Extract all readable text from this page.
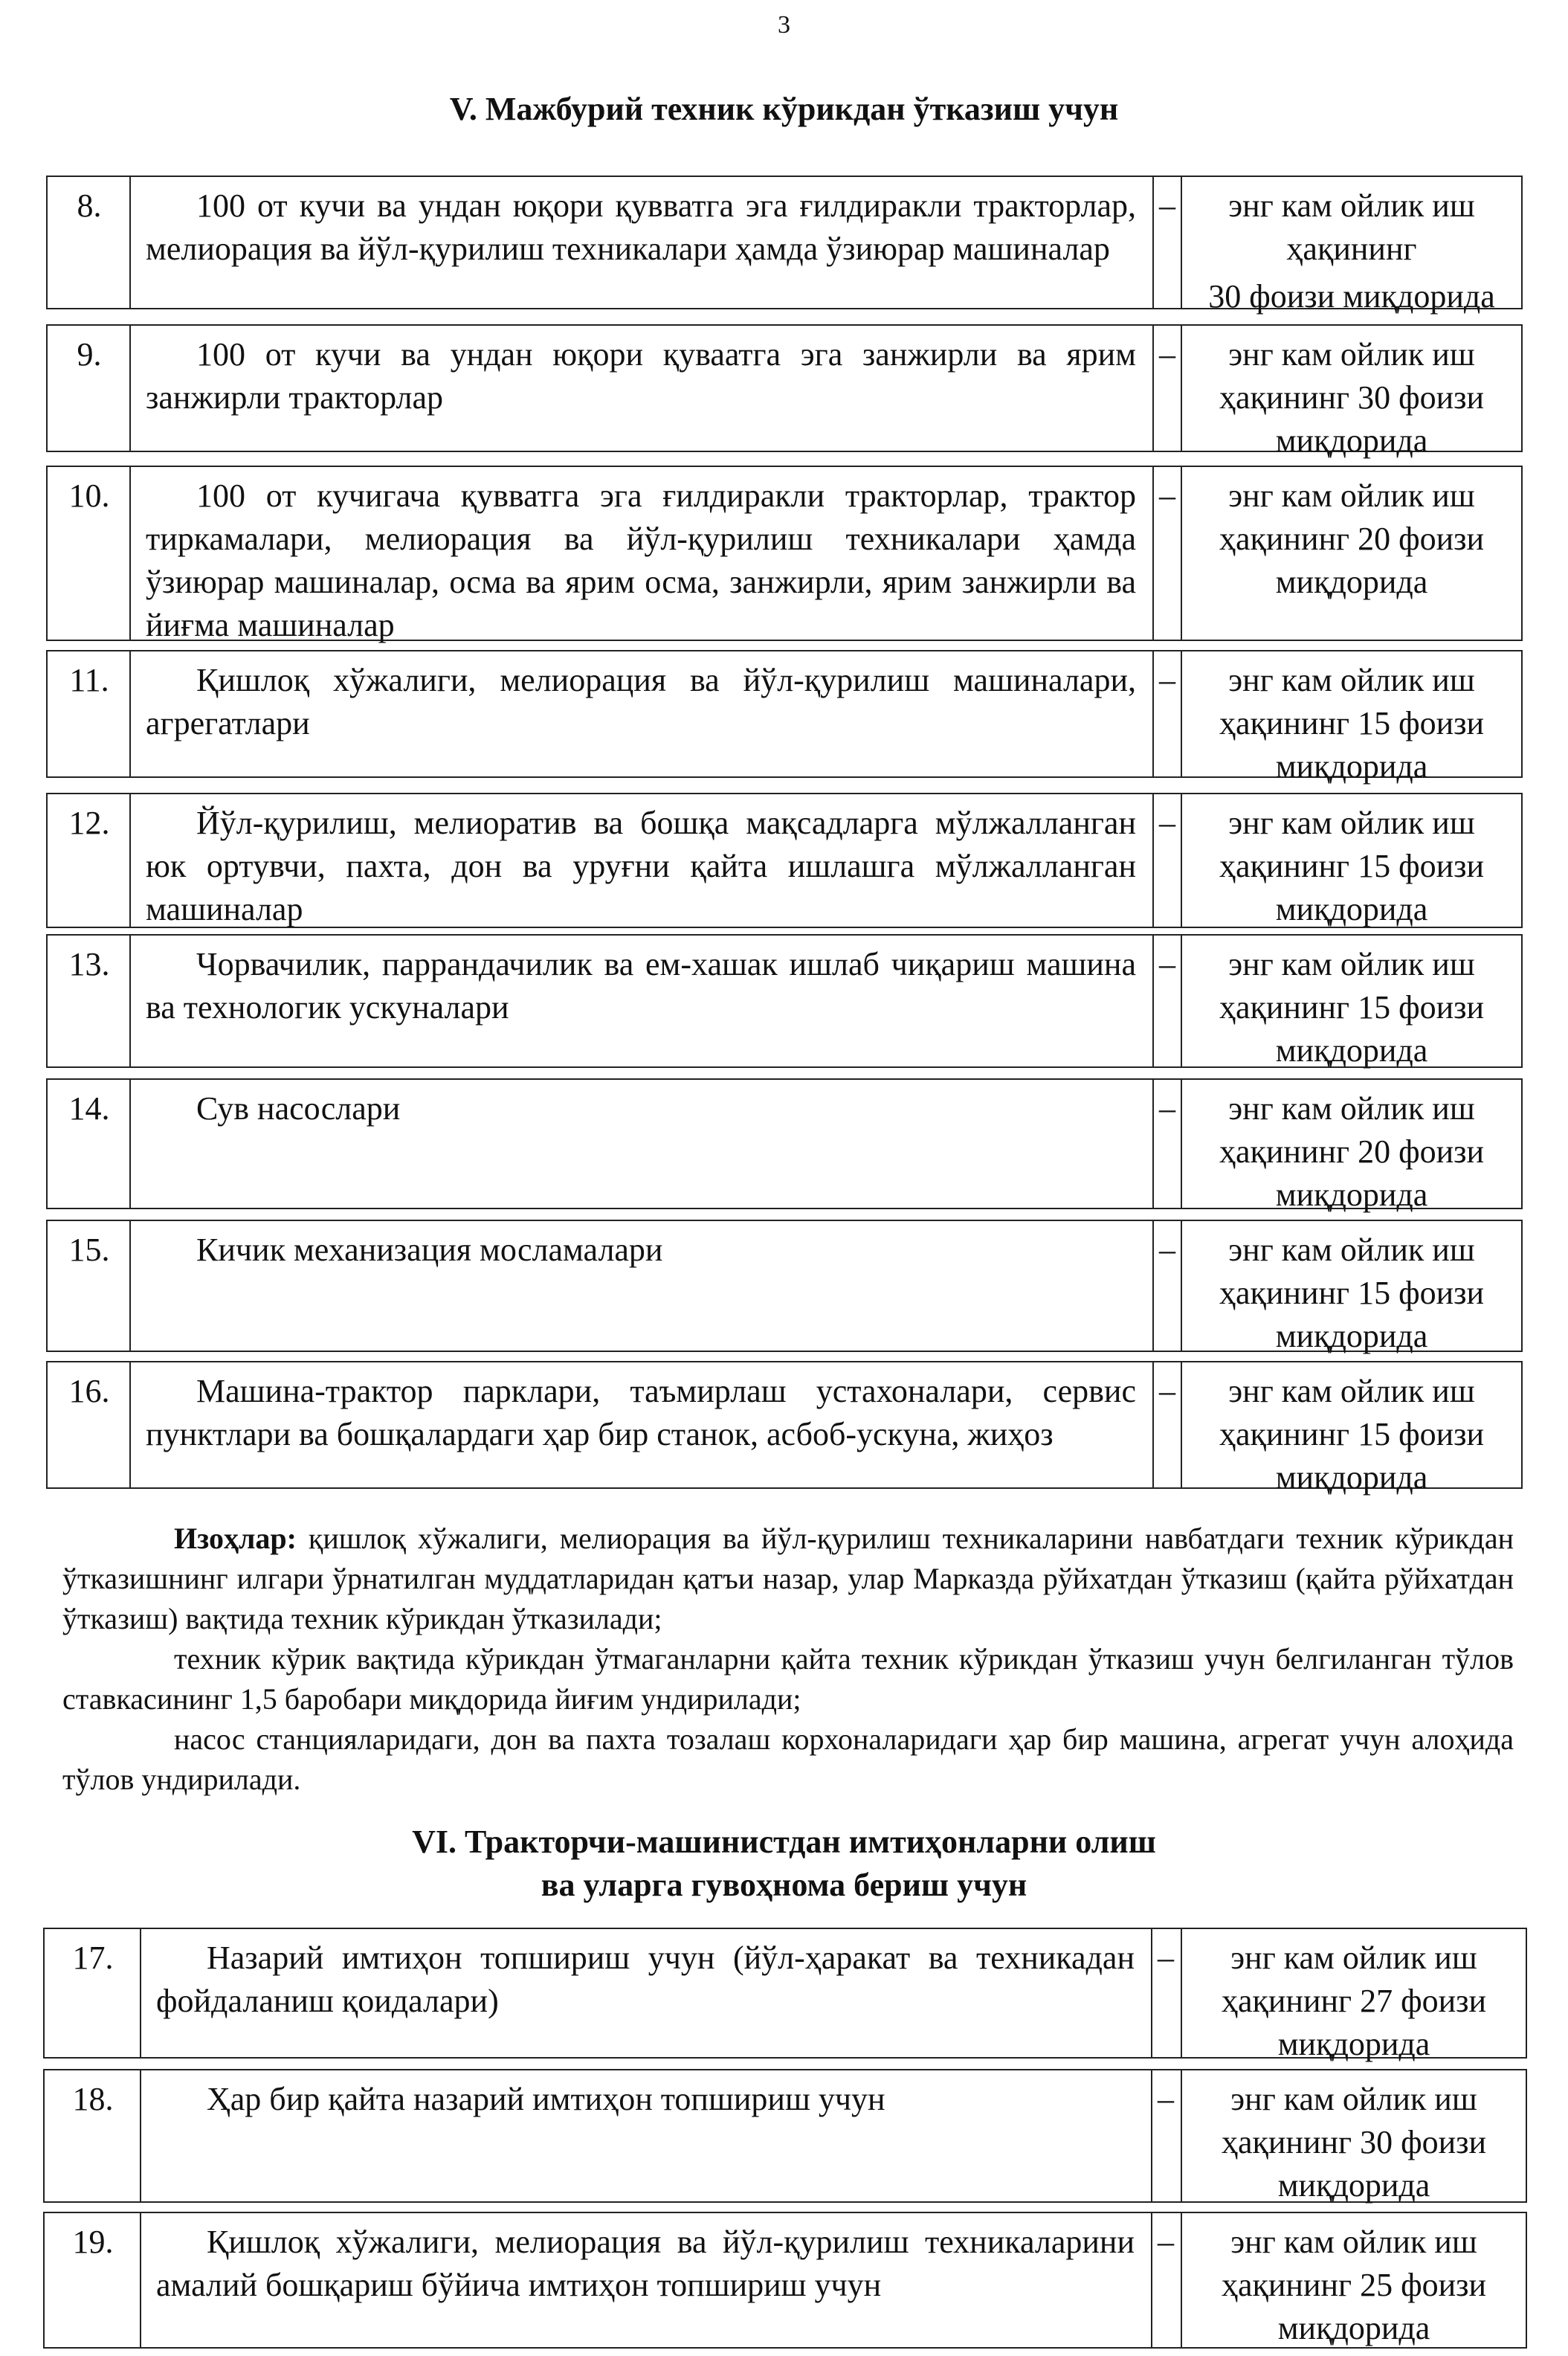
3
V. Мажбурий техник кўрикдан ўтказиш учун
8.	100 от кучи ва ундан юқори қувватга эга ғилдиракли тракторлар, мелиорация ва йўл-қурилиш техникалари ҳамда ўзиюрар машиналар

–	энг кам ойлик иш
ҳақининг
30 фоизи миқдорида
9.	100 от кучи ва ундан юқори қуваатга эга занжирли ва ярим занжирли тракторлар

–	энг кам ойлик иш
ҳақининг 30 фоизи
миқдорида
10.	100 от кучигача қувватга эга ғилдиракли тракторлар, трактор тиркамалари, мелиорация ва йўл-қурилиш техникалари ҳамда ўзиюрар машиналар, осма ва ярим осма, занжирли, ярим занжирли ва йиғма машиналар

–	энг кам ойлик иш
ҳақининг 20 фоизи
миқдорида
11.	Қишлоқ хўжалиги, мелиорация ва йўл-қурилиш машиналари, агрегатлари

–	энг кам ойлик иш
ҳақининг 15 фоизи
миқдорида
12.	Йўл-қурилиш, мелиоратив ва бошқа мақсадларга мўлжалланган юк ортувчи, пахта, дон ва уруғни қайта ишлашга мўлжалланган машиналар

–	энг кам ойлик иш
ҳақининг 15 фоизи
миқдорида
13.	Чорвачилик, паррандачилик ва ем-хашак ишлаб чиқариш машина ва технологик ускуналари

–	энг кам ойлик иш
ҳақининг 15 фоизи
миқдорида
14.	Сув насослари	–	энг кам ойлик иш
ҳақининг 20 фоизи
миқдорида
15.	Кичик механизация мосламалари	–	энг кам ойлик иш
ҳақининг 15 фоизи
миқдорида
16.	Машина-трактор парклари, таъмирлаш устахоналари, сервис пунктлари ва бошқалардаги ҳар бир станок, асбоб-ускуна, жиҳоз

–	энг кам ойлик иш
ҳақининг 15 фоизи
миқдорида

Изоҳлар: қишлоқ хўжалиги, мелиорация ва йўл-қурилиш техникаларини навбатдаги техник кўрикдан ўтказишнинг илгари ўрнатилган муддатларидан қатъи назар, улар Марказда рўйхатдан ўтказиш (қайта рўйхатдан ўтказиш) вақтида техник кўрикдан ўтказилади;

техник кўрик вақтида кўрикдан ўтмаганларни қайта техник кўрикдан ўтказиш учун белгиланган тўлов ставкасининг 1,5 баробари миқдорида йиғим ундирилади;

насос станцияларидаги, дон ва пахта тозалаш корхоналаридаги ҳар бир машина, агрегат учун алоҳида тўлов ундирилади.

VI. Тракторчи-машинистдан имтиҳонларни олиш
ва уларга гувоҳнома бериш учун
17.	Назарий имтиҳон топшириш учун (йўл-ҳаракат ва техникадан фойдаланиш қоидалари)

–	энг кам ойлик иш
ҳақининг 27 фоизи
миқдорида
18.	Ҳар бир қайта назарий имтиҳон топшириш учун	–	энг кам ойлик иш
ҳақининг 30 фоизи
миқдорида
19.	Қишлоқ хўжалиги, мелиорация ва йўл-қурилиш техникаларини амалий бошқариш бўйича имтиҳон топшириш учун

–	энг кам ойлик иш
ҳақининг 25 фоизи
миқдорида
